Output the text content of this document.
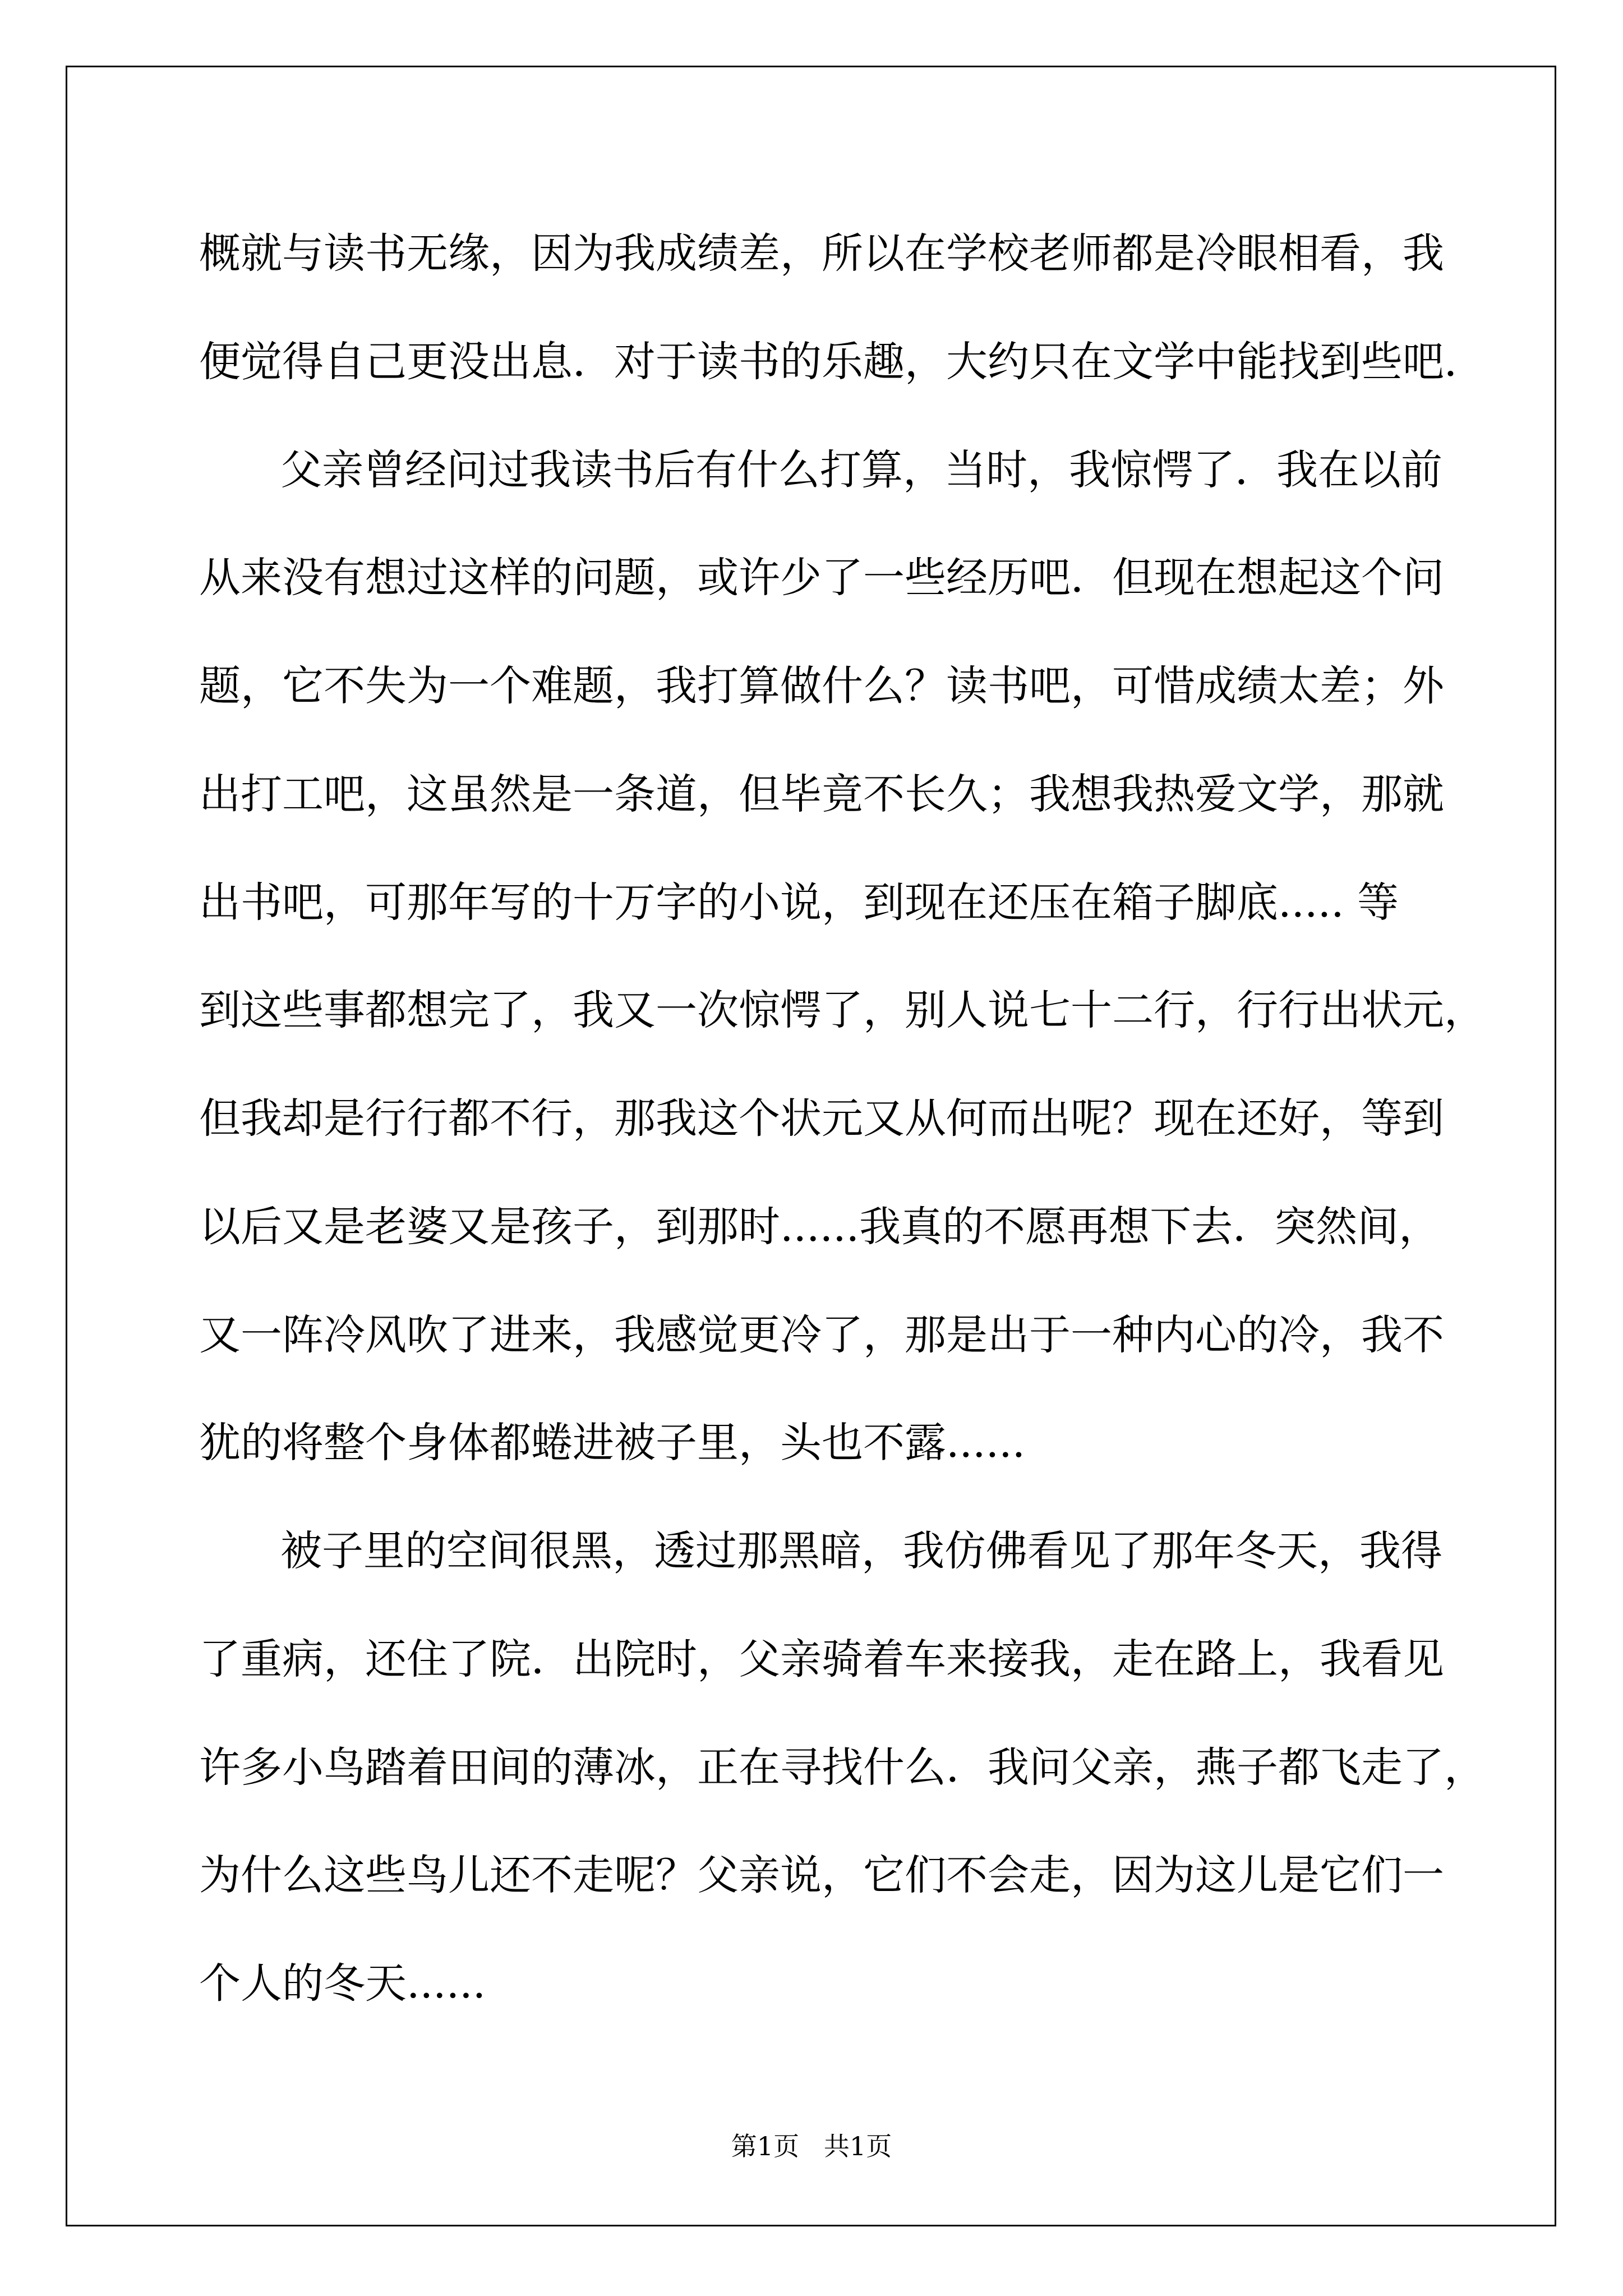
概就与读书无缘，因为我成绩差，所以在学校老师都是冷眼相看，我
便觉得自己更没出息．对于读书的乐趣，大约只在文学中能找到些吧．
父亲曾经问过我读书后有什么打算，当时，我惊愕了．我在以前
从来没有想过这样的问题，或许少了一些经历吧．但现在想起这个问
题，它不失为一个难题，我打算做什么？读书吧，可惜成绩太差；外
出打工吧，这虽然是一条道，但毕竟不长久；我想我热爱文学，那就
出书吧，可那年写的十万字的小说，到现在还压在箱子脚底..... 等
到这些事都想完了，我又一次惊愕了，别人说七十二行，行行出状元，
但我却是行行都不行，那我这个状元又从何而出呢？现在还好，等到
以后又是老婆又是孩子，到那时......我真的不愿再想下去．突然间，
又一阵冷风吹了进来，我感觉更冷了，那是出于一种内心的冷，我不
犹的将整个身体都蜷进被子里，头也不露......
被子里的空间很黑，透过那黑暗，我仿佛看见了那年冬天，我得
了重病，还住了院．出院时，父亲骑着车来接我，走在路上，我看见
许多小鸟踏着田间的薄冰，正在寻找什么．我问父亲，燕子都飞走了，
为什么这些鸟儿还不走呢？父亲说，它们不会走，因为这儿是它们一
个人的冬天......
第1页   共1页
